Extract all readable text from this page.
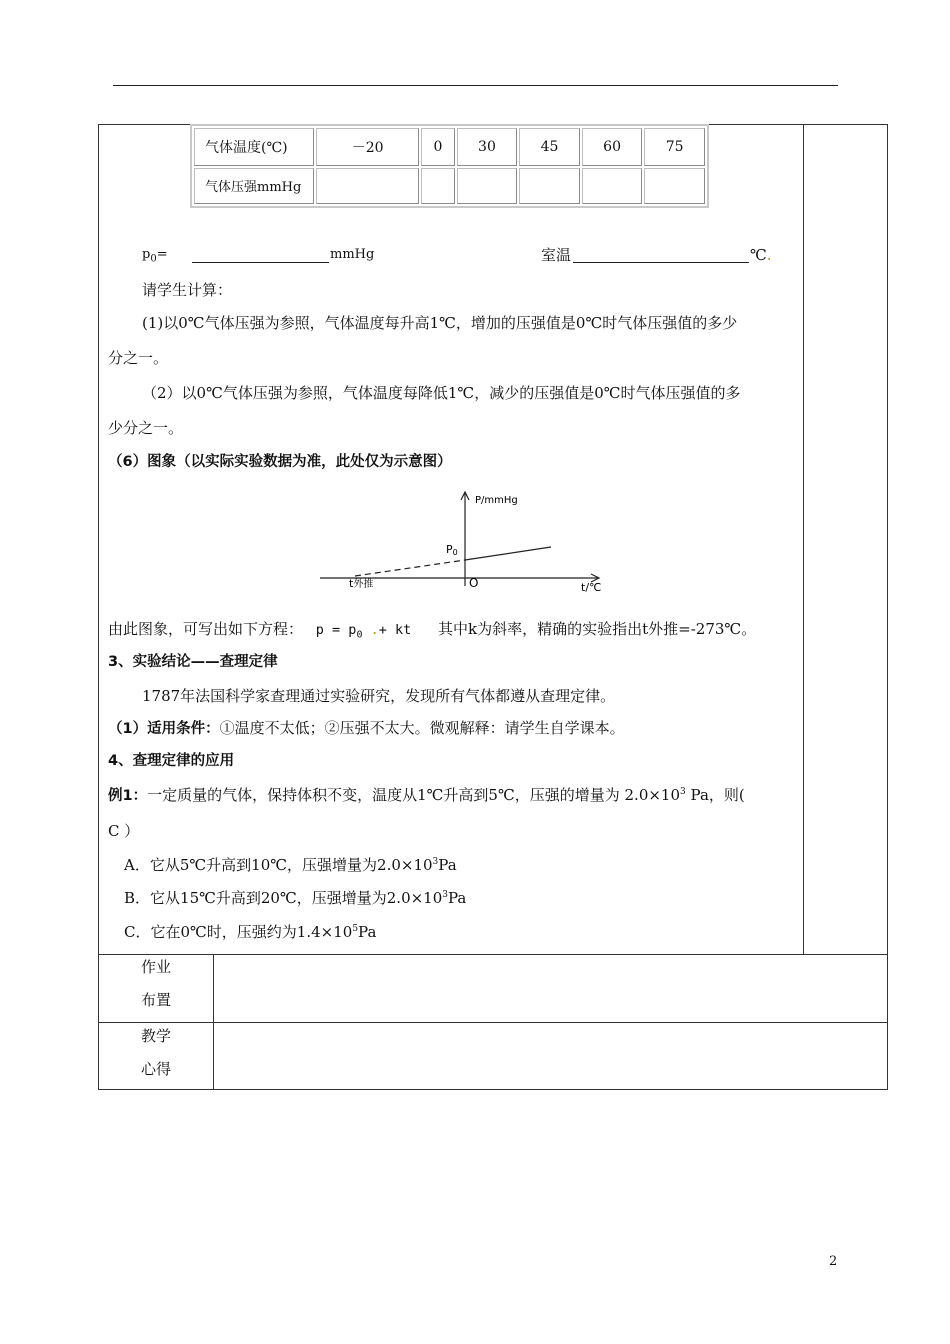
气体温度(℃)	－20	0	30	45	60	75
气体压强mmHg						
$p_0=$	mmHg	室温	℃.
请学生计算：
(1)以0℃气体压强为参照，气体温度每升高1℃，增加的压强值是0℃时气体压强值的多少
分之一。
（2）以0℃气体压强为参照，气体温度每降低1℃，减少的压强值是0℃时气体压强值的多
少分之一。
（6）图象（以实际实验数据为准，此处仅为示意图）
P/mmHg
P0
O	t/℃
t外推
由此图象，可写出如下方程： $p = p_0$ .+ kt 其中k为斜率，精确的实验指出t外推=-273℃。
3、实验结论——查理定律
1787年法国科学家查理通过实验研究，发现所有气体都遵从查理定律。
（1）适用条件：①温度不太低；②压强不太大。微观解释：请学生自学课本。
4、查理定律的应用
例1：一定质量的气体，保持体积不变，温度从1℃升高到5℃，压强的增量为 $2.0\times 10^3$ Pa，则(
C ）
A．它从5℃升高到10℃，压强增量为$2.0\times 10^3Pa$
B．它从15℃升高到20℃，压强增量为$2.0\times 10^3Pa$
C．它在0℃时，压强约为$1.4\times 10^5Pa$
作业
布置
教学
心得
2
